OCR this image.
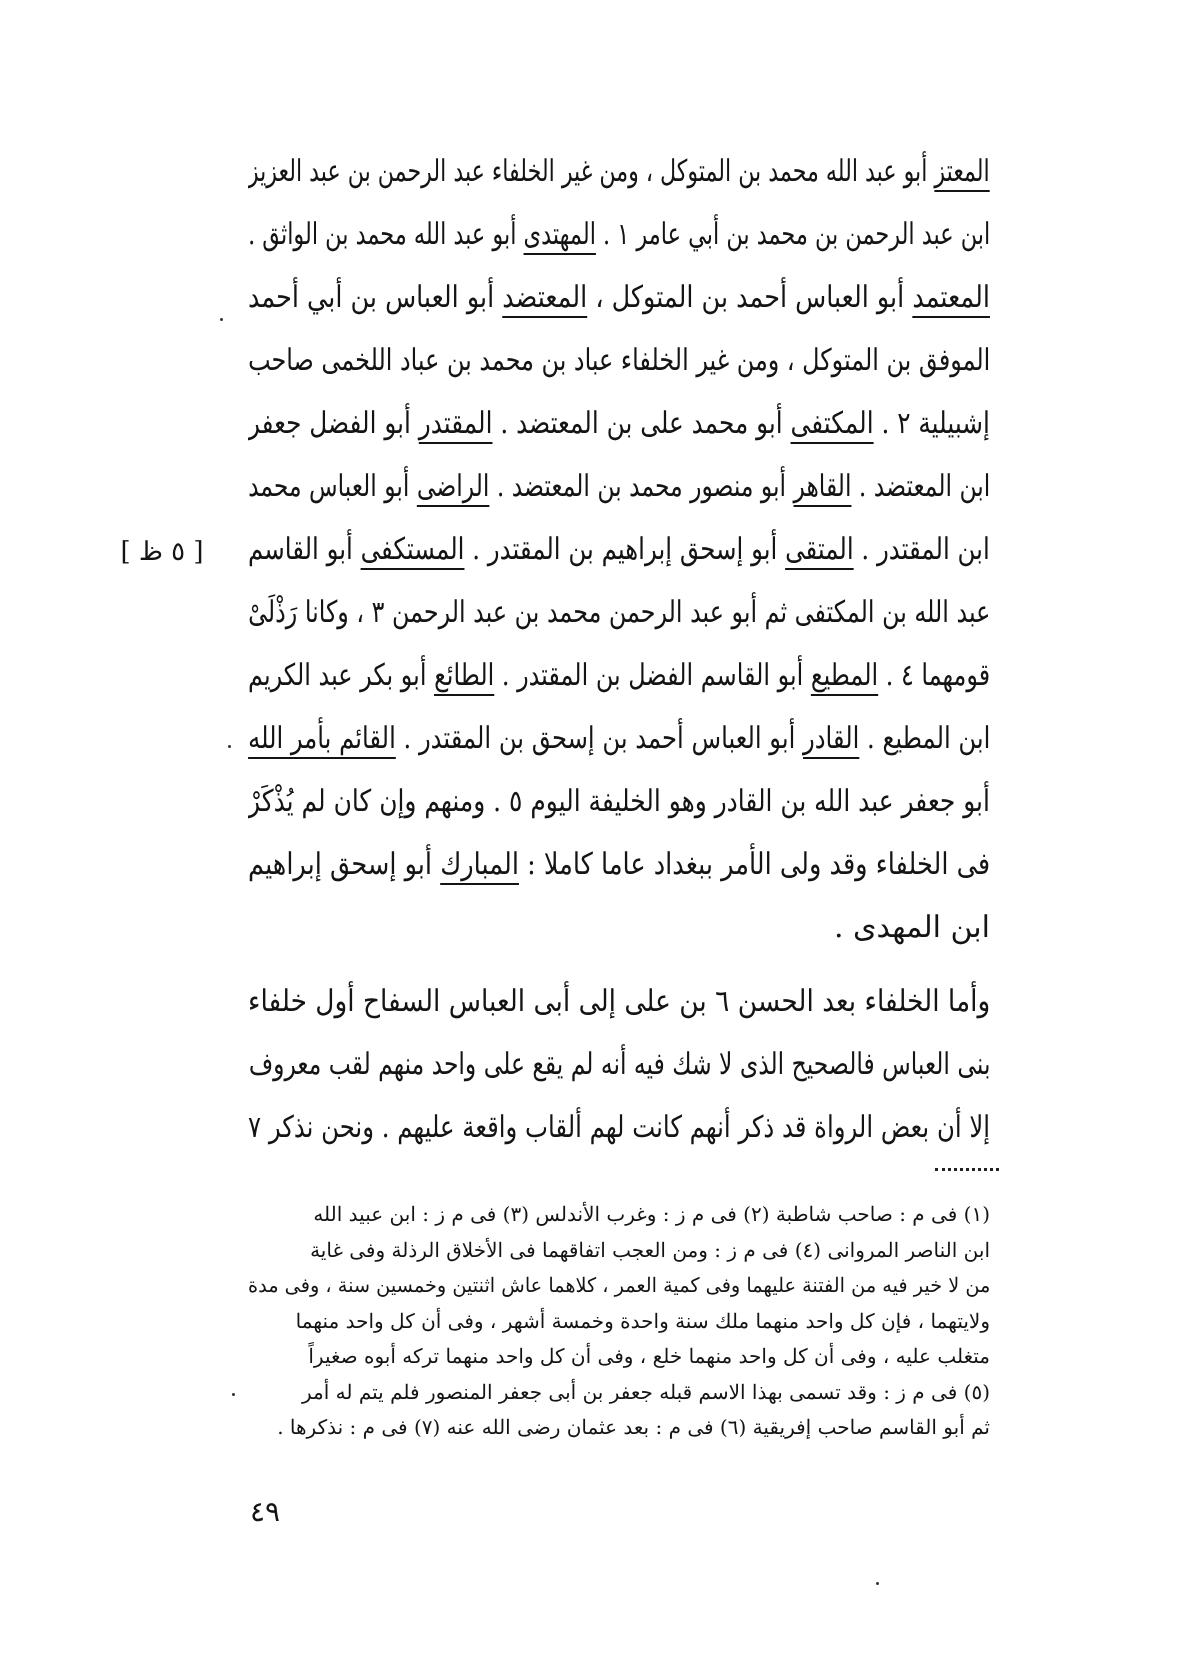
المعتز أبو عبد الله محمد بن المتوكل ، ومن غير الخلفاء عبد الرحمن بن عبد العزيز
ابن عبد الرحمن بن محمد بن أبي عامر ١ . المهتدى أبو عبد الله محمد بن الواثق .
المعتمد أبو العباس أحمد بن المتوكل ، المعتضد أبو العباس بن أبي أحمد
الموفق بن المتوكل ، ومن غير الخلفاء عباد بن محمد بن عباد اللخمى صاحب
إشبيلية ٢ . المكتفى أبو محمد على بن المعتضد . المقتدر أبو الفضل جعفر
ابن المعتضد . القاهر أبو منصور محمد بن المعتضد . الراضى أبو العباس محمد
ابن المقتدر . المتقى أبو إسحق إبراهيم بن المقتدر . المستكفى أبو القاسم
عبد الله بن المكتفى ثم أبو عبد الرحمن محمد بن عبد الرحمن ٣ ، وكانا رَذْلَىْ
قومهما ٤ . المطيع أبو القاسم الفضل بن المقتدر . الطائع أبو بكر عبد الكريم
ابن المطيع . القادر أبو العباس أحمد بن إسحق بن المقتدر . القائم بأمر الله
أبو جعفر عبد الله بن القادر وهو الخليفة اليوم ٥ . ومنهم وإن كان لم يُذْكَرْ
فى الخلفاء وقد ولى الأمر ببغداد عاما كاملا : المبارك أبو إسحق إبراهيم
ابن المهدى .
[ ٥ ظ ]
وأما الخلفاء بعد الحسن ٦ بن على إلى أبى العباس السفاح أول خلفاء
بنى العباس فالصحيح الذى لا شك فيه أنه لم يقع على واحد منهم لقب معروف
إلا أن بعض الرواة قد ذكر أنهم كانت لهم ألقاب واقعة عليهم . ونحن نذكر ٧
(١) فى م : صاحب شاطبة (٢) فى م ز : وغرب الأندلس (٣) فى م ز : ابن عبيد الله
ابن الناصر المروانى (٤) فى م ز : ومن العجب اتفاقهما فى الأخلاق الرذلة وفى غاية
من لا خير فيه من الفتنة عليهما وفى كمية العمر ، كلاهما عاش اثنتين وخمسين سنة ، وفى مدة
ولايتهما ، فإن كل واحد منهما ملك سنة واحدة وخمسة أشهر ، وفى أن كل واحد منهما
متغلب عليه ، وفى أن كل واحد منهما خلع ، وفى أن كل واحد منهما تركه أبوه صغيراً
(٥) فى م ز : وقد تسمى بهذا الاسم قبله جعفر بن أبى جعفر المنصور فلم يتم له أمر
ثم أبو القاسم صاحب إفريقية (٦) فى م : بعد عثمان رضى الله عنه (٧) فى م : نذكرها .
٤٩
